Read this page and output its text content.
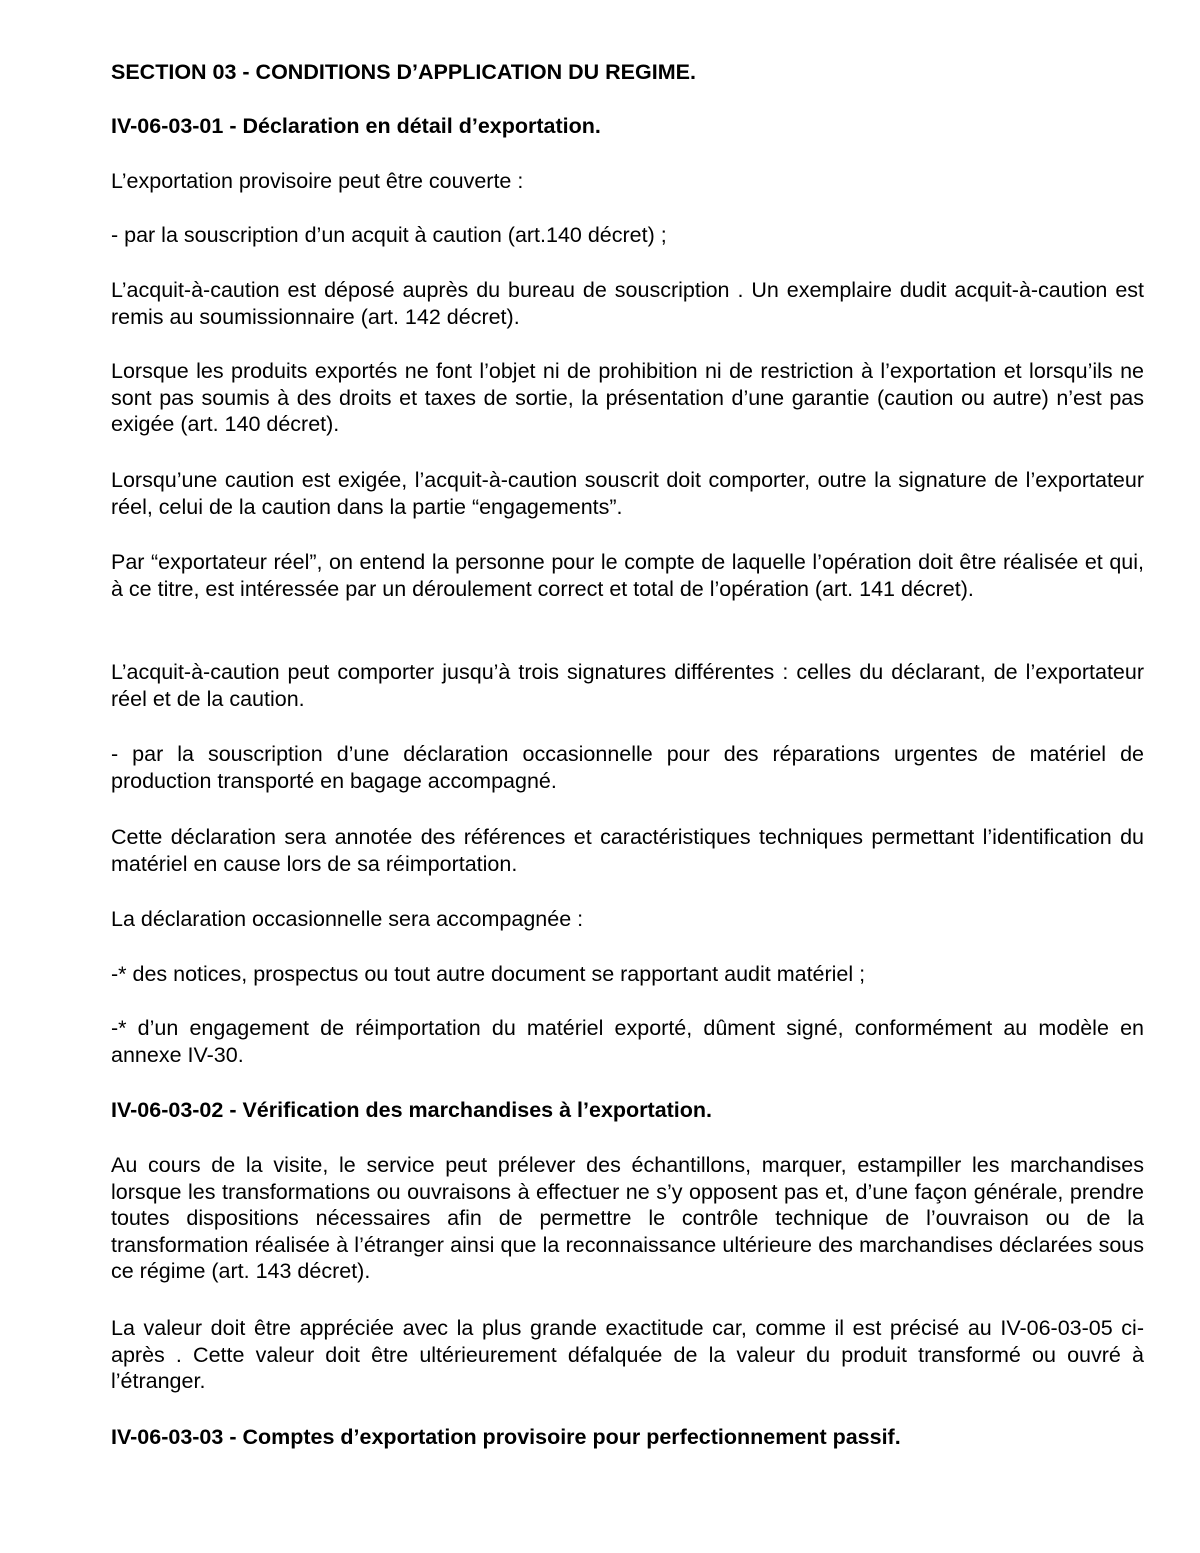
SECTION 03 - CONDITIONS D’APPLICATION DU REGIME.

IV-06-03-01 - Déclaration en détail d’exportation.

L’exportation provisoire peut être couverte :

- par la souscription d’un acquit à caution (art.140 décret) ;

L’acquit-à-caution est déposé auprès du bureau de souscription . Un exemplaire dudit acquit-à-caution est remis au soumissionnaire (art. 142 décret).

Lorsque les produits exportés ne font l’objet ni de prohibition ni de restriction à l’exportation et lorsqu’ils ne sont pas soumis à des droits et taxes de sortie, la présentation d’une garantie (caution ou autre) n’est pas exigée (art. 140 décret).

Lorsqu’une caution est exigée, l’acquit-à-caution souscrit doit comporter, outre la signature de l’exportateur réel, celui de la caution dans la partie “engagements”.

Par “exportateur réel”, on entend la personne pour le compte de laquelle l’opération doit être réalisée et qui, à ce titre, est intéressée par un déroulement correct et total de l’opération (art. 141 décret).

L’acquit-à-caution peut comporter jusqu’à trois signatures différentes : celles du déclarant, de l’exportateur réel et de la caution.

- par la souscription d’une déclaration occasionnelle pour des réparations urgentes de matériel de production transporté en bagage accompagné.

Cette déclaration sera annotée des références et caractéristiques techniques permettant l’identification du matériel en cause lors de sa réimportation.

La déclaration occasionnelle sera accompagnée :

-* des notices, prospectus ou tout autre document se rapportant audit matériel ;

-* d’un engagement de réimportation du matériel exporté, dûment signé, conformément au modèle en annexe IV-30.

IV-06-03-02 - Vérification des marchandises à l’exportation.

Au cours de la visite, le service peut prélever des échantillons, marquer, estampiller les marchandises lorsque les transformations ou ouvraisons à effectuer ne s’y opposent pas et, d’une façon générale, prendre toutes dispositions nécessaires afin de permettre le contrôle technique de l’ouvraison ou de la transformation réalisée à l’étranger ainsi que la reconnaissance ultérieure des marchandises déclarées sous ce régime (art. 143 décret).

La valeur doit être appréciée avec la plus grande exactitude car, comme il est précisé au IV-06-03-05 ci-après . Cette valeur doit être ultérieurement défalquée de la valeur du produit transformé ou ouvré à l’étranger.

IV-06-03-03 - Comptes d’exportation provisoire pour perfectionnement passif.
